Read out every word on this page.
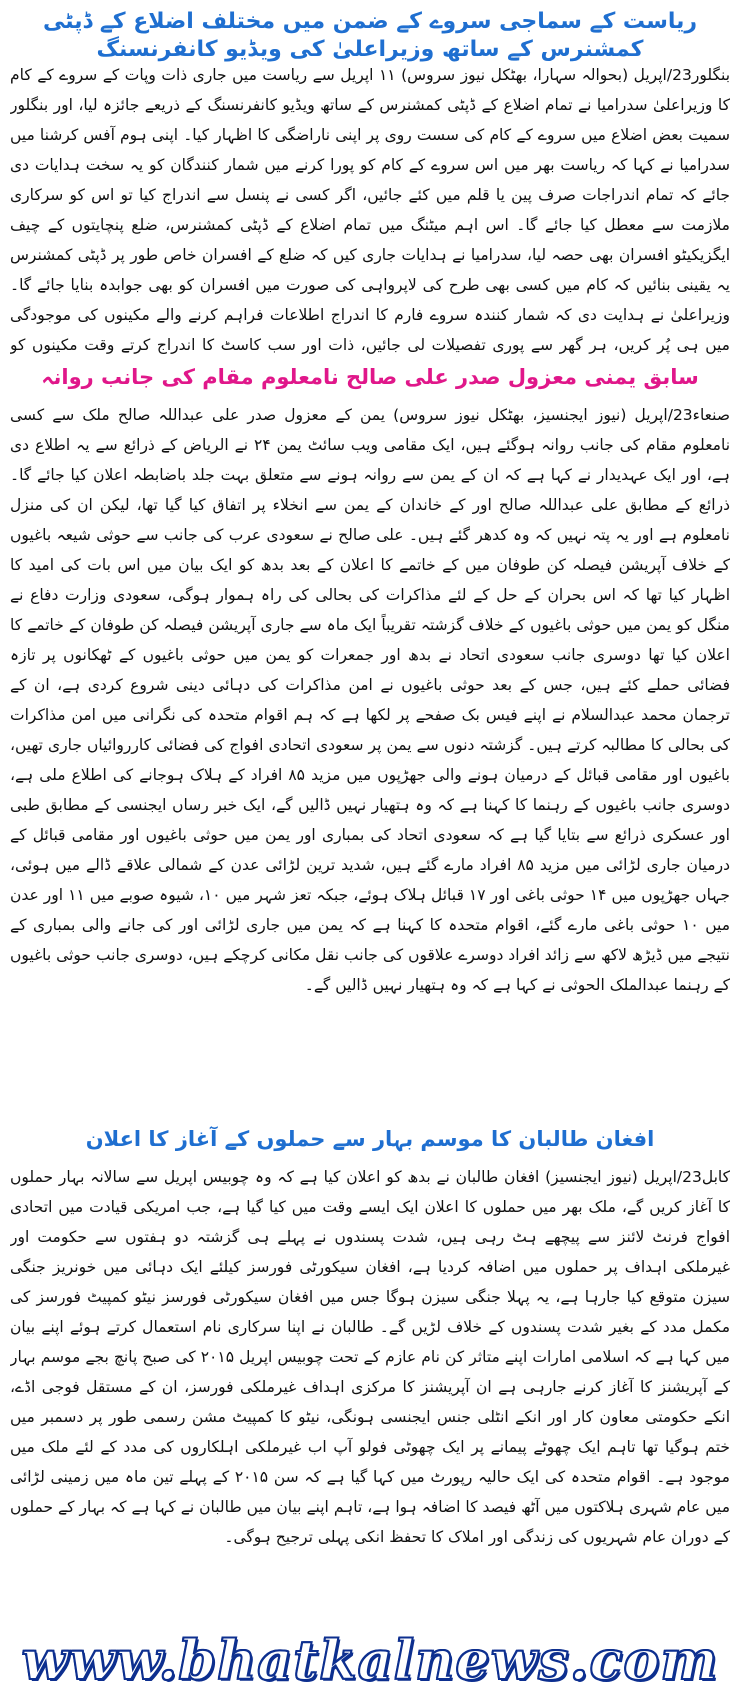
ریاست کے سماجی سروے کے ضمن میں مختلف اضلاع کے ڈپٹی کمشنرس کے ساتھ وزیراعلیٰ کی ویڈیو کانفرنسنگ

بنگلور23/اپریل (بحوالہ سہارا، بھٹکل نیوز سروس) ۱۱ اپریل سے ریاست میں جاری ذات وپات کے سروے کے کام کا وزیراعلیٰ سدرامیا نے تمام اضلاع کے ڈپٹی کمشنرس کے ساتھ ویڈیو کانفرنسنگ کے ذریعے جائزہ لیا، اور بنگلور سمیت بعض اضلاع میں سروے کے کام کی سست روی پر اپنی ناراضگی کا اظہار کیا۔ اپنی ہوم آفس کرشنا میں سدرامیا نے کہا کہ ریاست بھر میں اس سروے کے کام کو پورا کرنے میں شمار کنندگان کو یہ سخت ہدایات دی جائے کہ تمام اندراجات صرف پین یا قلم میں کئے جائیں، اگر کسی نے پنسل سے اندراج کیا تو اس کو سرکاری ملازمت سے معطل کیا جائے گا۔ اس اہم میٹنگ میں تمام اضلاع کے ڈپٹی کمشنرس، ضلع پنچایتوں کے چیف ایگزیکیٹو افسران بھی حصہ لیا، سدرامیا نے ہدایات جاری کیں کہ ضلع کے افسران خاص طور پر ڈپٹی کمشنرس یہ یقینی بنائیں کہ کام میں کسی بھی طرح کی لاپرواہی کی صورت میں افسران کو بھی جوابدہ بنایا جائے گا۔ وزیراعلیٰ نے ہدایت دی کہ شمار کنندہ سروے فارم کا اندراج اطلاعات فراہم کرنے والے مکینوں کی موجودگی میں ہی پُر کریں، ہر گھر سے پوری تفصیلات لی جائیں، ذات اور سب کاسٹ کا اندراج کرتے وقت مکینوں کو

سابق یمنی معزول صدر علی صالح نامعلوم مقام کی جانب روانہ

صنعاء23/اپریل (نیوز ایجنسیز، بھٹکل نیوز سروس) یمن کے معزول صدر علی عبداللہ صالح ملک سے کسی نامعلوم مقام کی جانب روانہ ہوگئے ہیں، ایک مقامی ویب سائٹ یمن ۲۴ نے الریاض کے ذرائع سے یہ اطلاع دی ہے، اور ایک عہدیدار نے کہا ہے کہ ان کے یمن سے روانہ ہونے سے متعلق بہت جلد باضابطہ اعلان کیا جائے گا۔ ذرائع کے مطابق علی عبداللہ صالح اور کے خاندان کے یمن سے انخلاء پر اتفاق کیا گیا تھا، لیکن ان کی منزل نامعلوم ہے اور یہ پتہ نہیں کہ وہ کدھر گئے ہیں۔ علی صالح نے سعودی عرب کی جانب سے حوثی شیعہ باغیوں کے خلاف آپریشن فیصلہ کن طوفان میں کے خاتمے کا اعلان کے بعد بدھ کو ایک بیان میں اس بات کی امید کا اظہار کیا تھا کہ اس بحران کے حل کے لئے مذاکرات کی بحالی کی راہ ہموار ہوگی، سعودی وزارت دفاع نے منگل کو یمن میں حوثی باغیوں کے خلاف گزشتہ تقریباً ایک ماہ سے جاری آپریشن فیصلہ کن طوفان کے خاتمے کا اعلان کیا تھا دوسری جانب سعودی اتحاد نے بدھ اور جمعرات کو یمن میں حوثی باغیوں کے ٹھکانوں پر تازہ فضائی حملے کئے ہیں، جس کے بعد حوثی باغیوں نے امن مذاکرات کی دہائی دینی شروع کردی ہے، ان کے ترجمان محمد عبدالسلام نے اپنے فیس بک صفحے پر لکھا ہے کہ ہم اقوام متحدہ کی نگرانی میں امن مذاکرات کی بحالی کا مطالبہ کرتے ہیں۔ گزشتہ دنوں سے یمن پر سعودی اتحادی افواج کی فضائی کارروائیاں جاری تھیں، باغیوں اور مقامی قبائل کے درمیان ہونے والی جھڑپوں میں مزید ۸۵ افراد کے ہلاک ہوجانے کی اطلاع ملی ہے، دوسری جانب باغیوں کے رہنما کا کہنا ہے کہ وہ ہتھیار نہیں ڈالیں گے، ایک خبر رساں ایجنسی کے مطابق طبی اور عسکری ذرائع سے بتایا گیا ہے کہ سعودی اتحاد کی بمباری اور یمن میں حوثی باغیوں اور مقامی قبائل کے درمیان جاری لڑائی میں مزید ۸۵ افراد مارے گئے ہیں، شدید ترین لڑائی عدن کے شمالی علاقے ڈالے میں ہوئی، جہاں جھڑپوں میں ۱۴ حوثی باغی اور ۱۷ قبائل ہلاک ہوئے، جبکہ تعز شہر میں ۱۰، شیوہ صوبے میں ۱۱ اور عدن میں ۱۰ حوثی باغی مارے گئے، اقوام متحدہ کا کہنا ہے کہ یمن میں جاری لڑائی اور کی جانے والی بمباری کے نتیجے میں ڈیڑھ لاکھ سے زائد افراد دوسرے علاقوں کی جانب نقل مکانی کرچکے ہیں، دوسری جانب حوثی باغیوں کے رہنما عبدالملک الحوثی نے کہا ہے کہ وہ ہتھیار نہیں ڈالیں گے۔

افغان طالبان کا موسم بہار سے حملوں کے آغاز کا اعلان

کابل23/اپریل (نیوز ایجنسیز) افغان طالبان نے بدھ کو اعلان کیا ہے کہ وہ چوبیس اپریل سے سالانہ بہار حملوں کا آغاز کریں گے، ملک بھر میں حملوں کا اعلان ایک ایسے وقت میں کیا گیا ہے، جب امریکی قیادت میں اتحادی افواج فرنٹ لائنز سے پیچھے ہٹ رہی ہیں، شدت پسندوں نے پہلے ہی گزشتہ دو ہفتوں سے حکومت اور غیرملکی اہداف پر حملوں میں اضافہ کردیا ہے، افغان سیکورٹی فورسز کیلئے ایک دہائی میں خونریز جنگی سیزن متوقع کیا جارہا ہے، یہ پہلا جنگی سیزن ہوگا جس میں افغان سیکورٹی فورسز نیٹو کمپیٹ فورسز کی مکمل مدد کے بغیر شدت پسندوں کے خلاف لڑیں گے۔ طالبان نے اپنا سرکاری نام استعمال کرتے ہوئے اپنے بیان میں کہا ہے کہ اسلامی امارات اپنے متاثر کن نام عازم کے تحت چوبیس اپریل ۲۰۱۵ کی صبح پانچ بجے موسم بہار کے آپریشنز کا آغاز کرنے جارہی ہے ان آپریشنز کا مرکزی اہداف غیرملکی فورسز، ان کے مستقل فوجی اڈے، انکے حکومتی معاون کار اور انکے انٹلی جنس ایجنسی ہونگی، نیٹو کا کمپیٹ مشن رسمی طور پر دسمبر میں ختم ہوگیا تھا تاہم ایک چھوٹے پیمانے پر ایک چھوٹی فولو آپ اب غیرملکی اہلکاروں کی مدد کے لئے ملک میں موجود ہے۔ اقوام متحدہ کی ایک حالیہ رپورٹ میں کہا گیا ہے کہ سن ۲۰۱۵ کے پہلے تین ماہ میں زمینی لڑائی میں عام شہری ہلاکتوں میں آٹھ فیصد کا اضافہ ہوا ہے، تاہم اپنے بیان میں طالبان نے کہا ہے کہ بہار کے حملوں کے دوران عام شہریوں کی زندگی اور املاک کا تحفظ انکی پہلی ترجیح ہوگی۔

www.bhatkalnews.com
